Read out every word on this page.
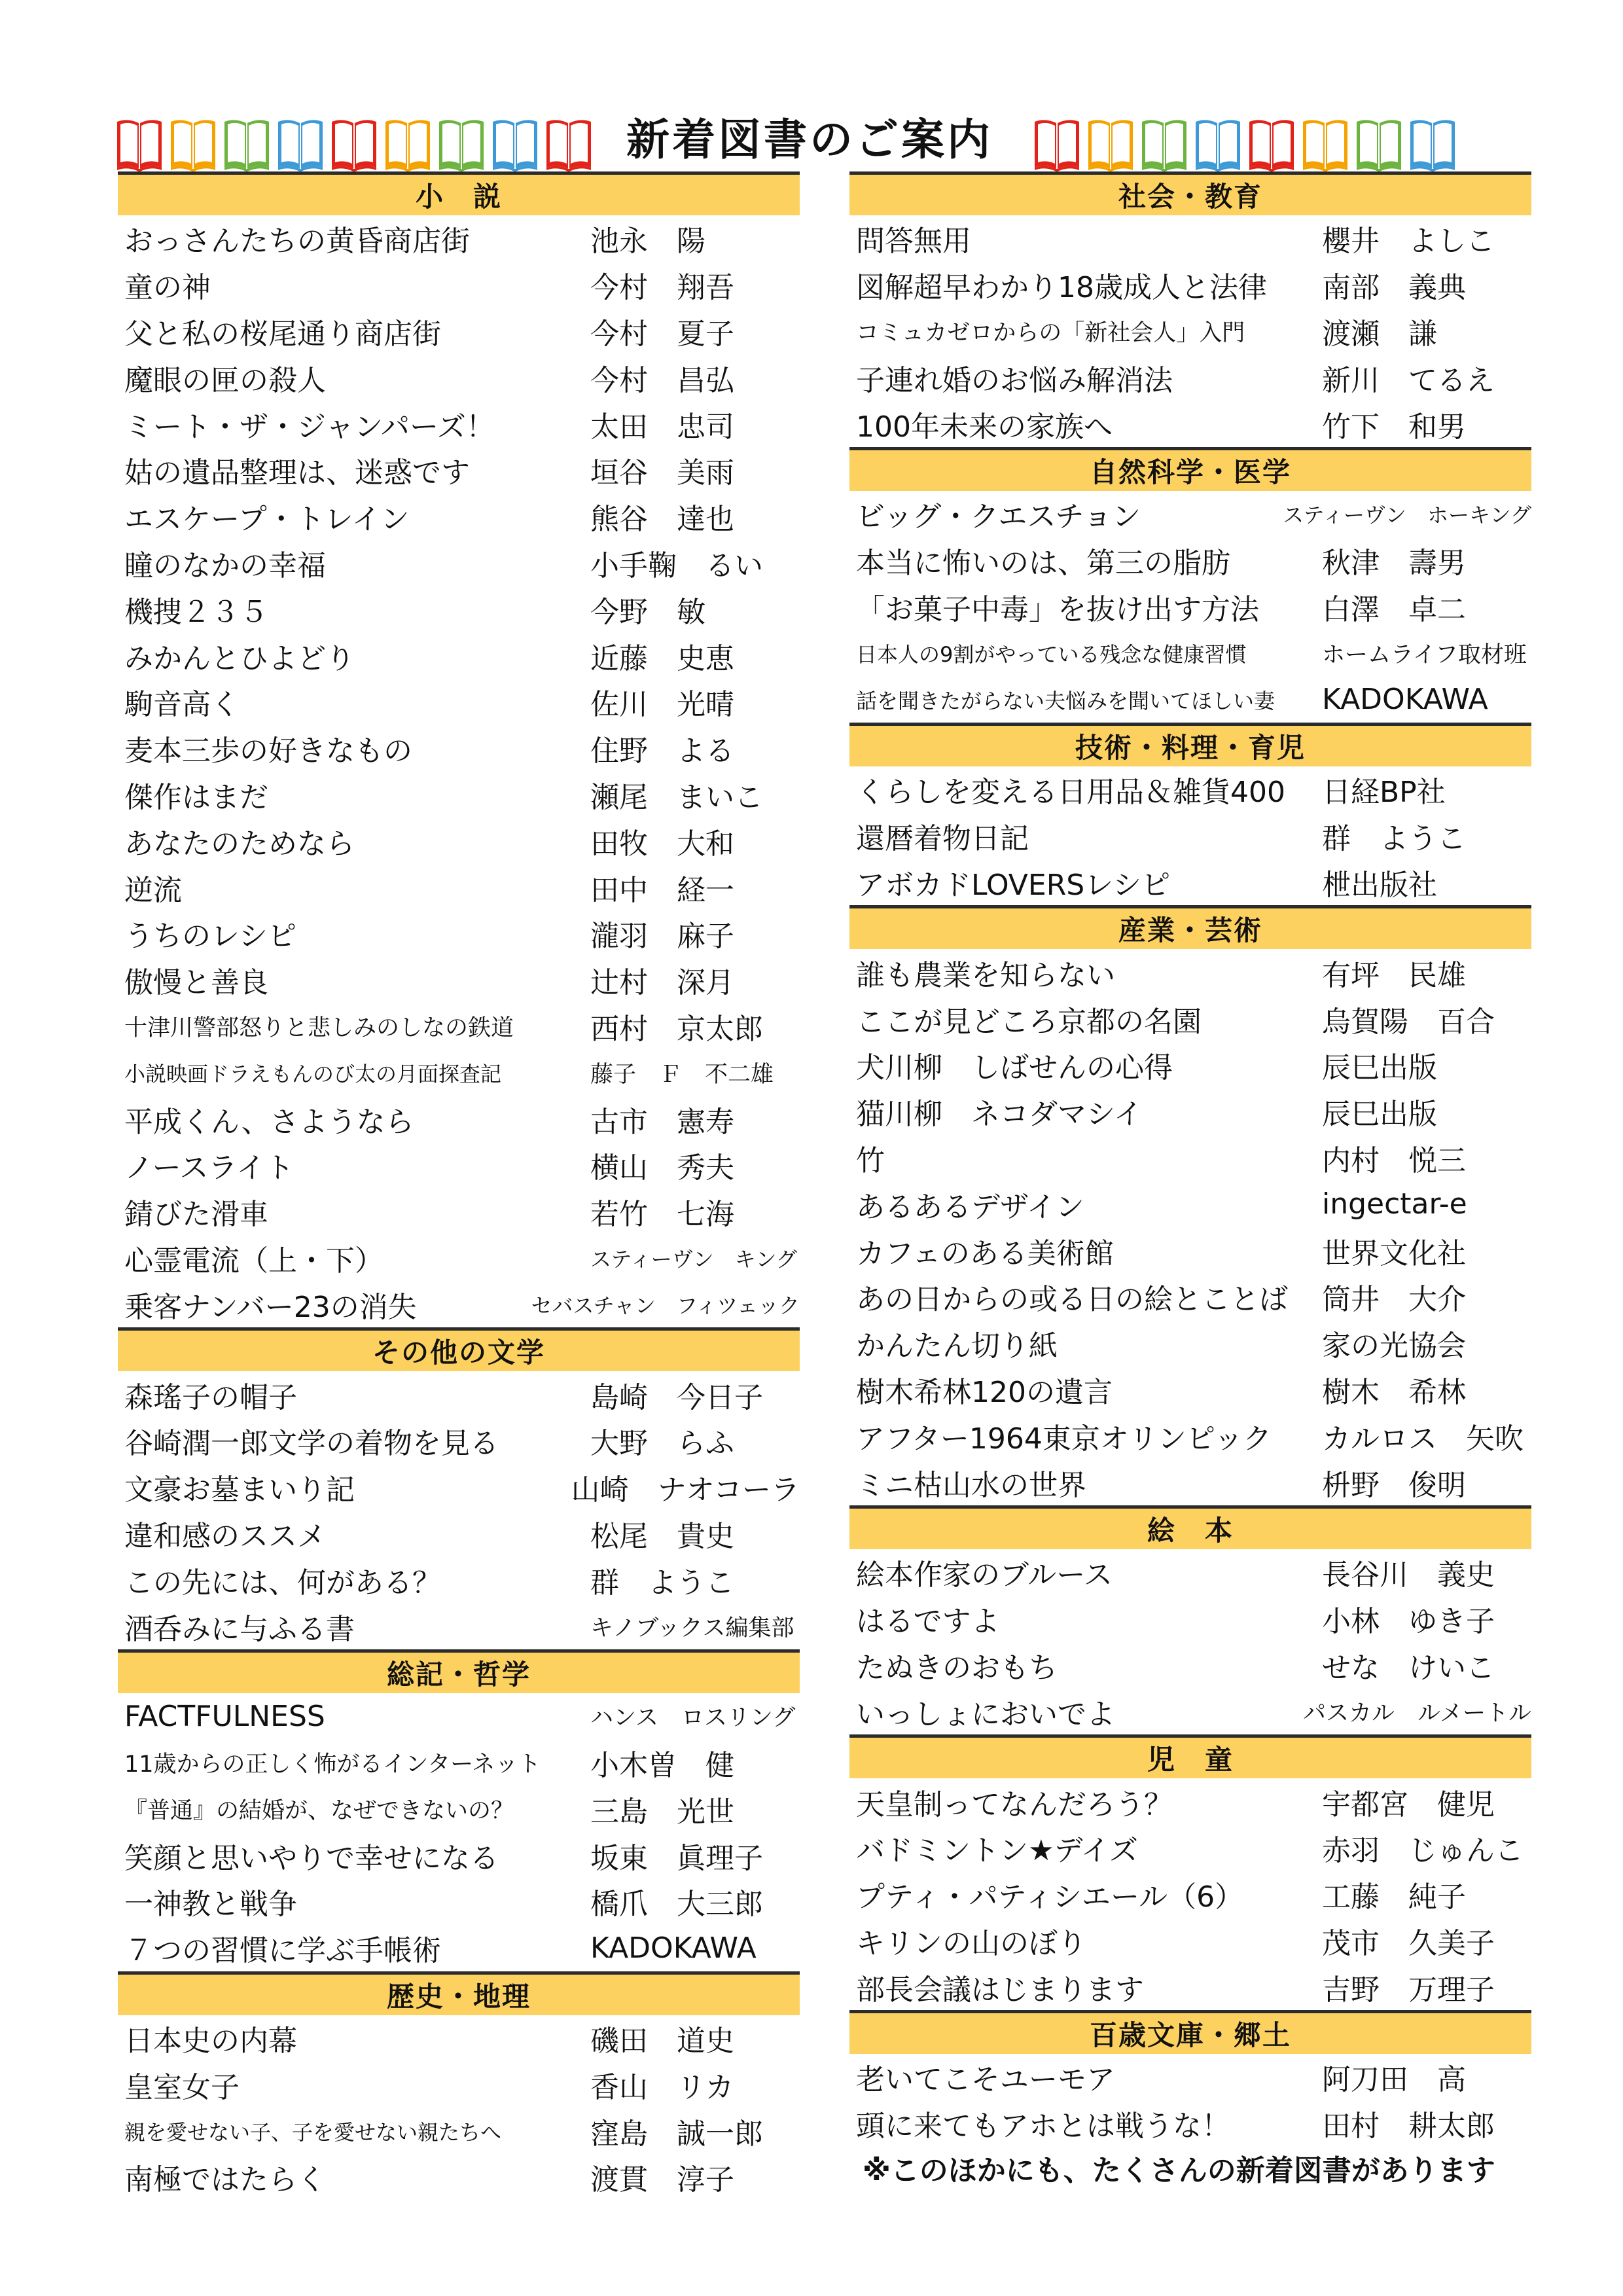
新着図書のご案内
小　説
おっさんたちの黄昏商店街	池永　陽
童の神	今村　翔吾
父と私の桜尾通り商店街	今村　夏子
魔眼の匣の殺人	今村　昌弘
ミート・ザ・ジャンパーズ！	太田　忠司
姑の遺品整理は、迷惑です	垣谷　美雨
エスケープ・トレイン	熊谷　達也
瞳のなかの幸福	小手鞠　るい
機捜２３５	今野　敏
みかんとひよどり	近藤　史恵
駒音高く	佐川　光晴
麦本三歩の好きなもの	住野　よる
傑作はまだ	瀬尾　まいこ
あなたのためなら	田牧　大和
逆流	田中　経一
うちのレシピ	瀧羽　麻子
傲慢と善良	辻村　深月
十津川警部怒りと悲しみのしなの鉄道	西村　京太郎
小説映画ドラえもんのび太の月面探査記	藤子　Ｆ　不二雄
平成くん、さようなら	古市　憲寿
ノースライト	横山　秀夫
錆びた滑車	若竹　七海
心霊電流（上・下）	スティーヴン　キング
乗客ナンバー23の消失	セバスチャン　フィツェック
その他の文学
森瑤子の帽子	島崎　今日子
谷崎潤一郎文学の着物を見る	大野　らふ
文豪お墓まいり記	山崎　ナオコーラ
違和感のススメ	松尾　貴史
この先には、何がある？	群　ようこ
酒呑みに与ふる書	キノブックス編集部
総記・哲学
FACTFULNESS	ハンス　ロスリング
11歳からの正しく怖がるインターネット	小木曽　健
『普通』の結婚が、なぜできないの？	三島　光世
笑顔と思いやりで幸せになる	坂東　眞理子
一神教と戦争	橋爪　大三郎
７つの習慣に学ぶ手帳術	KADOKAWA
歴史・地理
日本史の内幕	磯田　道史
皇室女子	香山　リカ
親を愛せない子、子を愛せない親たちへ	窪島　誠一郎
南極ではたらく	渡貫　淳子
社会・教育
問答無用	櫻井　よしこ
図解超早わかり18歳成人と法律	南部　義典
コミュカゼロからの「新社会人」入門	渡瀬　謙
子連れ婚のお悩み解消法	新川　てるえ
100年未来の家族へ	竹下　和男
自然科学・医学
ビッグ・クエスチョン	スティーヴン　ホーキング
本当に怖いのは、第三の脂肪	秋津　壽男
「お菓子中毒」を抜け出す方法	白澤　卓二
日本人の9割がやっている残念な健康習慣	ホームライフ取材班
話を聞きたがらない夫悩みを聞いてほしい妻	KADOKAWA
技術・料理・育児
くらしを変える日用品＆雑貨400	日経BP社
還暦着物日記	群　ようこ
アボカドLOVERSレシピ	枻出版社
産業・芸術
誰も農業を知らない	有坪　民雄
ここが見どころ京都の名園	烏賀陽　百合
犬川柳　しばせんの心得	辰巳出版
猫川柳　ネコダマシイ	辰巳出版
竹	内村　悦三
あるあるデザイン	ingectar-e
カフェのある美術館	世界文化社
あの日からの或る日の絵とことば	筒井　大介
かんたん切り紙	家の光協会
樹木希林120の遺言	樹木　希林
アフター1964東京オリンピック	カルロス　矢吹
ミニ枯山水の世界	枡野　俊明
絵　本
絵本作家のブルース	長谷川　義史
はるですよ	小林　ゆき子
たぬきのおもち	せな　けいこ
いっしょにおいでよ	パスカル　ルメートル
児　童
天皇制ってなんだろう？	宇都宮　健児
バドミントン★デイズ	赤羽　じゅんこ
プティ・パティシエール（6）	工藤　純子
キリンの山のぼり	茂市　久美子
部長会議はじまります	吉野　万理子
百歳文庫・郷土
老いてこそユーモア	阿刀田　高
頭に来てもアホとは戦うな！	田村　耕太郎
※このほかにも、たくさんの新着図書があります
